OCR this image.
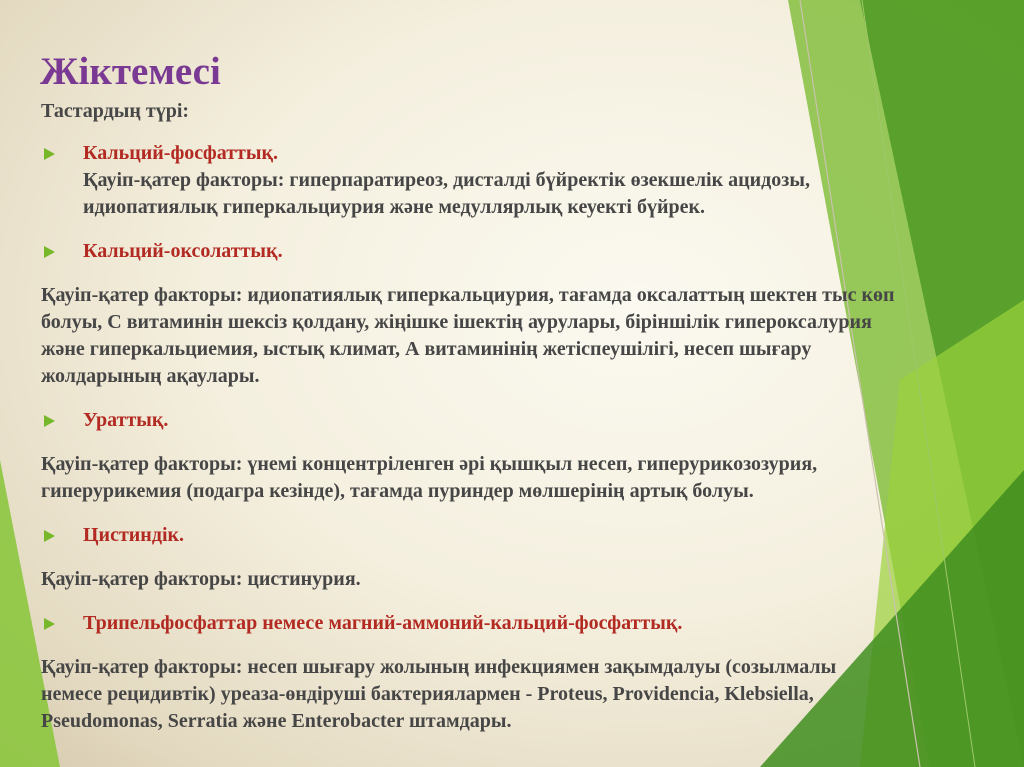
Жіктемесі

Тастардың түрі:

Кальций-фосфаттық.
Қауіп-қатер факторы: гиперпаратиреоз, дисталді бүйректік өзекшелік ацидозы, идиопатиялық гиперкальциурия және медуллярлық кеуекті бүйрек.
Кальций-оксолаттық.

Қауіп-қатер факторы: идиопатиялық гиперкальциурия, тағамда оксалаттың шектен тыс көп болуы, С витаминін шексіз қолдану, жіңішке ішектің аурулары, біріншілік гипероксалурия және гиперкальциемия, ыстық климат, А витаминінің жетіспеушілігі, несеп шығару жолдарының ақаулары.

Ураттық.

Қауіп-қатер факторы: үнемі концентріленген әрі қышқыл несеп, гиперурикозозурия, гиперурикемия (подагра кезінде), тағамда пуриндер мөлшерінің артық болуы.

Цистиндік.

Қауіп-қатер факторы: цистинурия.

Трипельфосфаттар немесе магний-аммоний-кальций-фосфаттық.

Қауіп-қатер факторы: несеп шығару жолының инфекциямен зақымдалуы (созылмалы немесе рецидивтік) уреаза-өндіруші бактериялармен - Proteus, Providencia, Klebsiella, Pseudomonas, Serratia және Enterobacter штамдары.
